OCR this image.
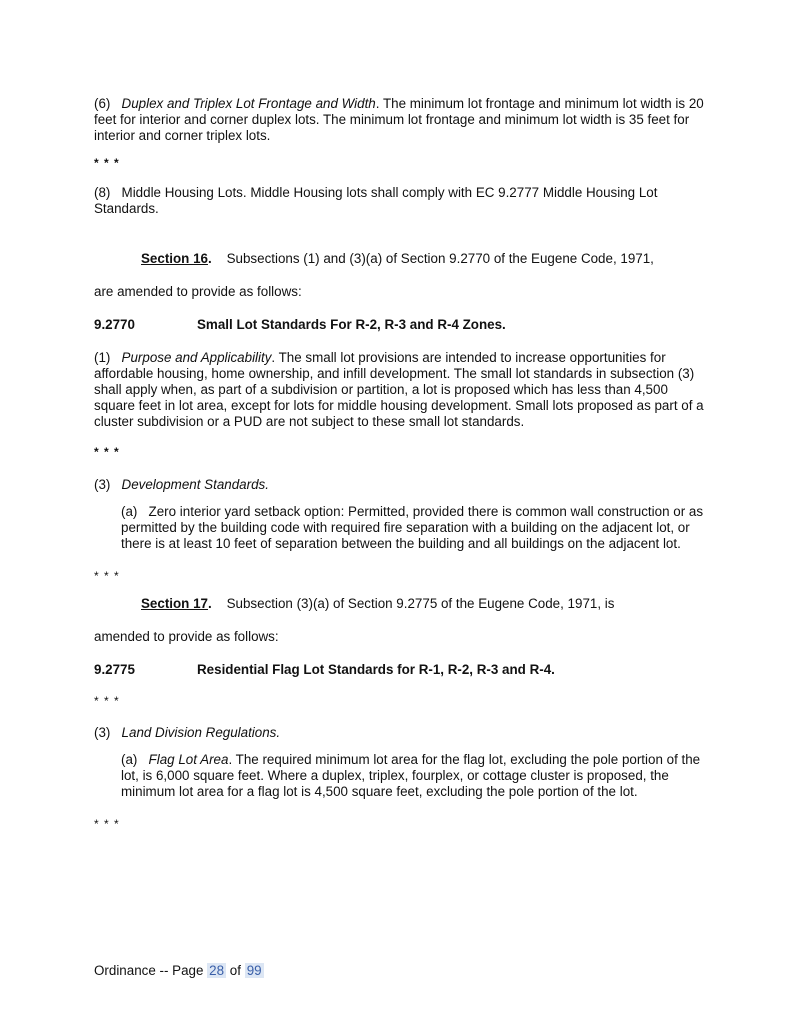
(6) Duplex and Triplex Lot Frontage and Width. The minimum lot frontage and minimum lot width is 20 feet for interior and corner duplex lots. The minimum lot frontage and minimum lot width is 35 feet for interior and corner triplex lots.

* * *

(8) Middle Housing Lots. Middle Housing lots shall comply with EC 9.2777 Middle Housing Lot Standards.

Section 16. Subsections (1) and (3)(a) of Section 9.2770 of the Eugene Code, 1971,

are amended to provide as follows:

9.2770	Small Lot Standards For R-2, R-3 and R-4 Zones.

(1) Purpose and Applicability. The small lot provisions are intended to increase opportunities for affordable housing, home ownership, and infill development. The small lot standards in subsection (3) shall apply when, as part of a subdivision or partition, a lot is proposed which has less than 4,500 square feet in lot area, except for lots for middle housing development. Small lots proposed as part of a cluster subdivision or a PUD are not subject to these small lot standards.

* * *

(3) Development Standards.

(a) Zero interior yard setback option: Permitted, provided there is common wall construction or as permitted by the building code with required fire separation with a building on the adjacent lot, or there is at least 10 feet of separation between the building and all buildings on the adjacent lot.

* * *

Section 17. Subsection (3)(a) of Section 9.2775 of the Eugene Code, 1971, is

amended to provide as follows:

9.2775	Residential Flag Lot Standards for R-1, R-2, R-3 and R-4.

* * *

(3) Land Division Regulations.

(a) Flag Lot Area. The required minimum lot area for the flag lot, excluding the pole portion of the lot, is 6,000 square feet. Where a duplex, triplex, fourplex, or cottage cluster is proposed, the minimum lot area for a flag lot is 4,500 square feet, excluding the pole portion of the lot.

* * *

Ordinance -- Page 28 of 99
